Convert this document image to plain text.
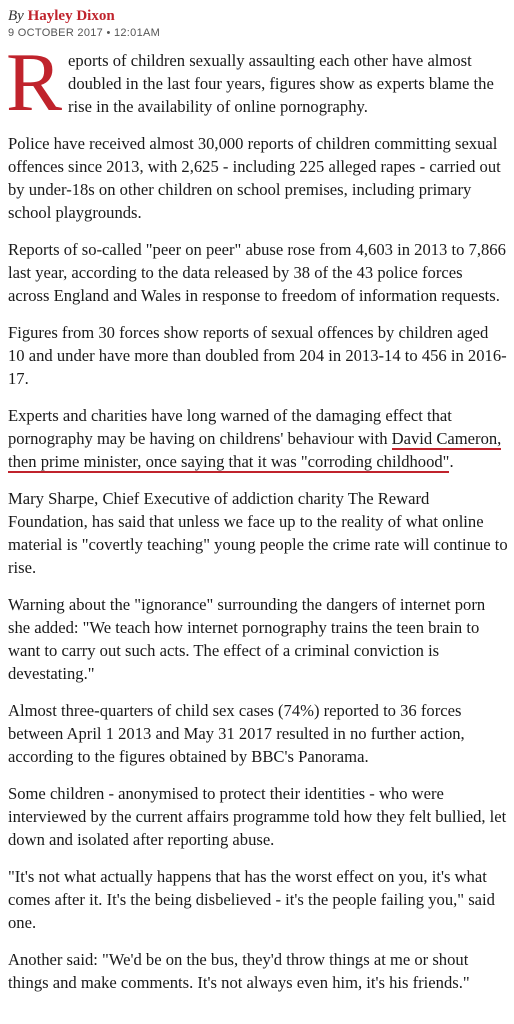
By Hayley Dixon
9 OCTOBER 2017 • 12:01AM

Reports of children sexually assaulting each other have almost doubled in the last four years, figures show as experts blame the rise in the availability of online pornography.

Police have received almost 30,000 reports of children committing sexual offences since 2013, with 2,625 - including 225 alleged rapes - carried out by under-18s on other children on school premises, including primary school playgrounds.

Reports of so-called "peer on peer" abuse rose from 4,603 in 2013 to 7,866 last year, according to the data released by 38 of the 43 police forces across England and Wales in response to freedom of information requests.

Figures from 30 forces show reports of sexual offences by children aged 10 and under have more than doubled from 204 in 2013-14 to 456 in 2016-17.

Experts and charities have long warned of the damaging effect that pornography may be having on childrens' behaviour with David Cameron, then prime minister, once saying that it was "corroding childhood".

Mary Sharpe, Chief Executive of addiction charity The Reward Foundation, has said that unless we face up to the reality of what online material is "covertly teaching" young people the crime rate will continue to rise.

Warning about the "ignorance" surrounding the dangers of internet porn she added: "We teach how internet pornography trains the teen brain to want to carry out such acts. The effect of a criminal conviction is devestating."

Almost three-quarters of child sex cases (74%) reported to 36 forces between April 1 2013 and May 31 2017 resulted in no further action, according to the figures obtained by BBC's Panorama.

Some children - anonymised to protect their identities - who were interviewed by the current affairs programme told how they felt bullied, let down and isolated after reporting abuse.

"It's not what actually happens that has the worst effect on you, it's what comes after it. It's the being disbelieved - it's the people failing you," said one.

Another said: "We'd be on the bus, they'd throw things at me or shout things and make comments. It's not always even him, it's his friends."
